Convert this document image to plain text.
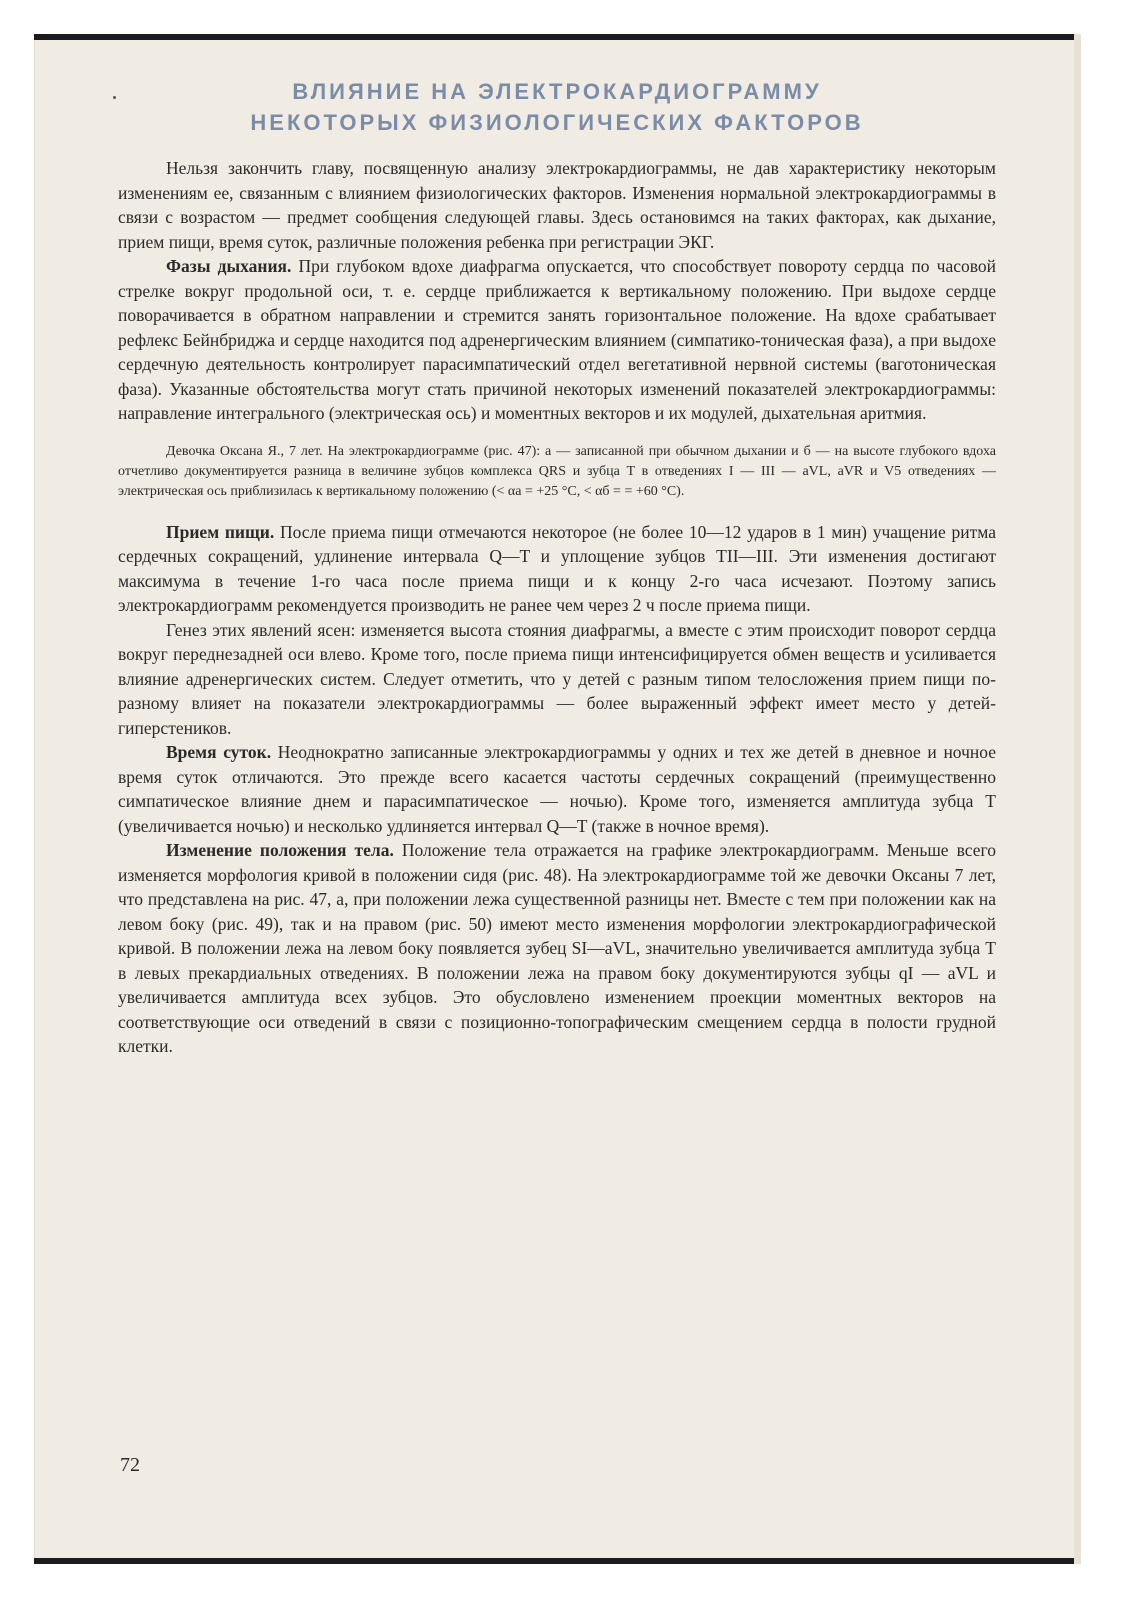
ВЛИЯНИЕ НА ЭЛЕКТРОКАРДИОГРАММУ
НЕКОТОРЫХ ФИЗИОЛОГИЧЕСКИХ ФАКТОРОВ

Нельзя закончить главу, посвященную анализу электрокардиограммы, не дав характеристику некоторым изменениям ее, связанным с влиянием физиологических факторов. Изменения нормальной электрокардиограммы в связи с возрастом — предмет сообщения следующей главы. Здесь остановимся на таких факторах, как дыхание, прием пищи, время суток, различные положения ребенка при регистрации ЭКГ.

Фазы дыхания. При глубоком вдохе диафрагма опускается, что способствует повороту сердца по часовой стрелке вокруг продольной оси, т. е. сердце приближается к вертикальному положению. При выдохе сердце поворачивается в обратном направлении и стремится занять горизонтальное положение. На вдохе срабатывает рефлекс Бейнбриджа и сердце находится под адренергическим влиянием (симпатико-тоническая фаза), а при выдохе сердечную деятельность контролирует парасимпатический отдел вегетативной нервной системы (ваготоническая фаза). Указанные обстоятельства могут стать причиной некоторых изменений показателей электрокардиограммы: направление интегрального (электрическая ось) и моментных векторов и их модулей, дыхательная аритмия.

Девочка Оксана Я., 7 лет. На электрокардиограмме (рис. 47): а — записанной при обычном дыхании и б — на высоте глубокого вдоха отчетливо документируется разница в величине зубцов комплекса QRS и зубца T в отведениях I — III — aVL, aVR и V5 отведениях — электрическая ось приблизилась к вертикальному положению (< αa = +25 °C, < αб = = +60 °C).

Прием пищи. После приема пищи отмечаются некоторое (не более 10—12 ударов в 1 мин) учащение ритма сердечных сокращений, удлинение интервала Q—T и уплощение зубцов TII—III. Эти изменения достигают максимума в течение 1-го часа после приема пищи и к концу 2-го часа исчезают. Поэтому запись электрокардиограмм рекомендуется производить не ранее чем через 2 ч после приема пищи.

Генез этих явлений ясен: изменяется высота стояния диафрагмы, а вместе с этим происходит поворот сердца вокруг переднезадней оси влево. Кроме того, после приема пищи интенсифицируется обмен веществ и усиливается влияние адренергических систем. Следует отметить, что у детей с разным типом телосложения прием пищи по-разному влияет на показатели электрокардиограммы — более выраженный эффект имеет место у детей-гиперстеников.

Время суток. Неоднократно записанные электрокардиограммы у одних и тех же детей в дневное и ночное время суток отличаются. Это прежде всего касается частоты сердечных сокращений (преимущественно симпатическое влияние днем и парасимпатическое — ночью). Кроме того, изменяется амплитуда зубца T (увеличивается ночью) и несколько удлиняется интервал Q—T (также в ночное время).

Изменение положения тела. Положение тела отражается на графике электрокардиограмм. Меньше всего изменяется морфология кривой в положении сидя (рис. 48). На электрокардиограмме той же девочки Оксаны 7 лет, что представлена на рис. 47, а, при положении лежа существенной разницы нет. Вместе с тем при положении как на левом боку (рис. 49), так и на правом (рис. 50) имеют место изменения морфологии электрокардиографической кривой. В положении лежа на левом боку появляется зубец SI—aVL, значительно увеличивается амплитуда зубца T в левых прекардиальных отведениях. В положении лежа на правом боку документируются зубцы qI — aVL и увеличивается амплитуда всех зубцов. Это обусловлено изменением проекции моментных векторов на соответствующие оси отведений в связи с позиционно-топографическим смещением сердца в полости грудной клетки.

72
